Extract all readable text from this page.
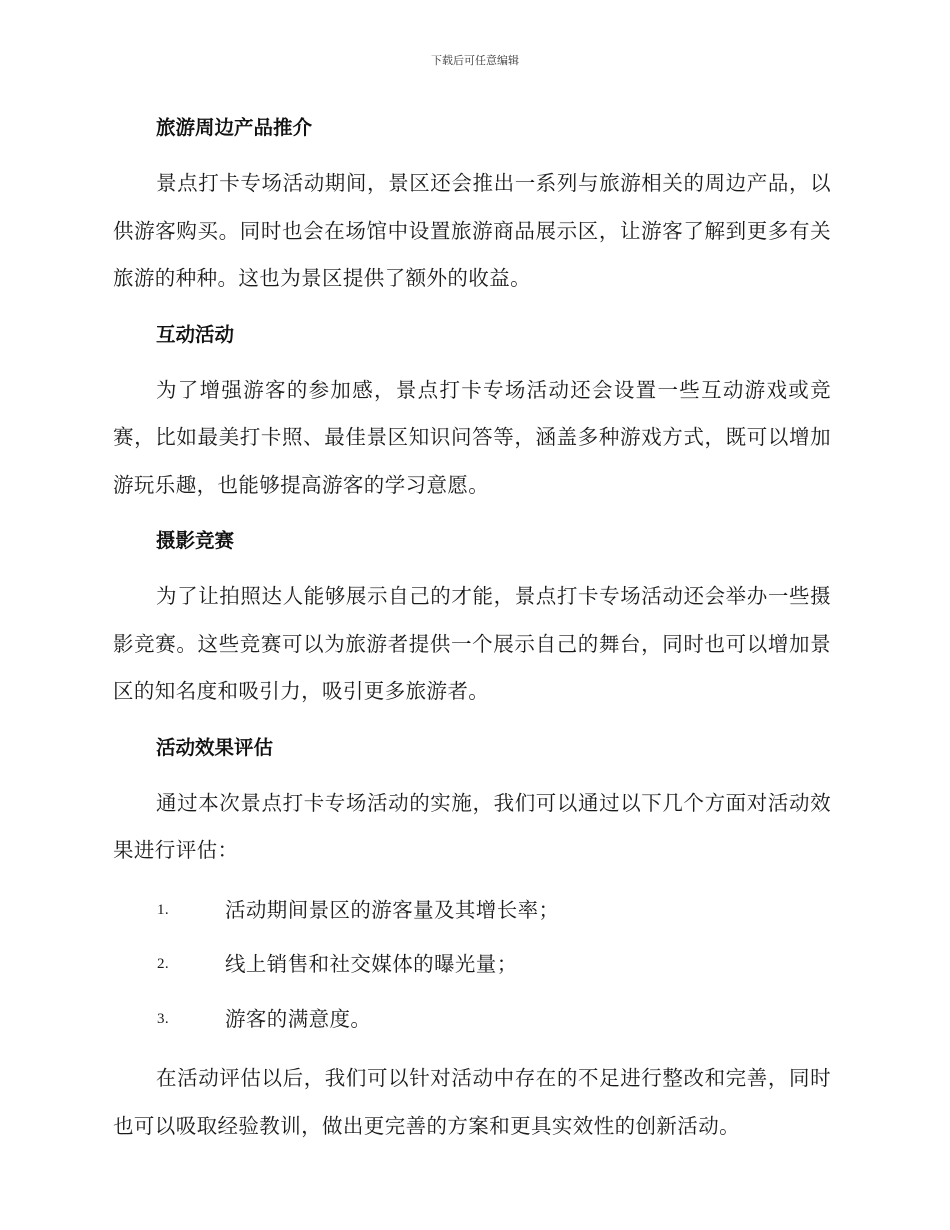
下载后可任意编辑
旅游周边产品推介

景点打卡专场活动期间，景区还会推出一系列与旅游相关的周边产品，以供游客购买。同时也会在场馆中设置旅游商品展示区，让游客了解到更多有关旅游的种种。这也为景区提供了额外的收益。

互动活动

为了增强游客的参加感，景点打卡专场活动还会设置一些互动游戏或竞赛，比如最美打卡照、最佳景区知识问答等，涵盖多种游戏方式，既可以增加游玩乐趣，也能够提高游客的学习意愿。

摄影竞赛

为了让拍照达人能够展示自己的才能，景点打卡专场活动还会举办一些摄影竞赛。这些竞赛可以为旅游者提供一个展示自己的舞台，同时也可以增加景区的知名度和吸引力，吸引更多旅游者。

活动效果评估

通过本次景点打卡专场活动的实施，我们可以通过以下几个方面对活动效果进行评估：

1.	活动期间景区的游客量及其增长率；
2.	线上销售和社交媒体的曝光量；
3.	游客的满意度。

在活动评估以后，我们可以针对活动中存在的不足进行整改和完善，同时也可以吸取经验教训，做出更完善的方案和更具实效性的创新活动。
